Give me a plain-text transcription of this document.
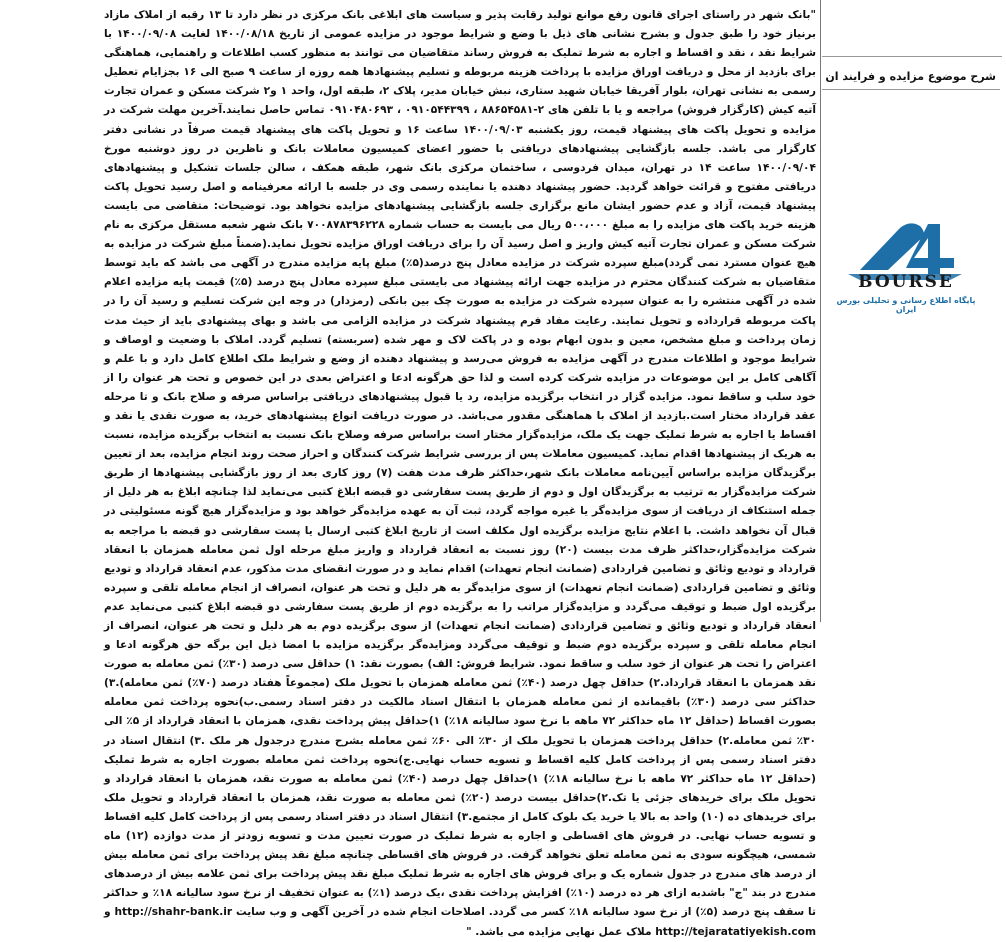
"بانک شهر در راستای اجرای قانون رفع موانع تولید رقابت پذیر و سیاست های ابلاغی بانک مرکزی در نظر دارد تا ۱۳ رقبه از املاک مازاد برنیاز خود را طبق جدول و بشرح نشانی های ذیل با وضع و شرایط موجود در مزایده عمومی از تاریخ ۱۴۰۰/۰۸/۱۸ لغایت ۱۴۰۰/۰۹/۰۸ با شرایط نقد ، نقد و اقساط و اجاره به شرط تملیک به فروش رساند متقاضیان می توانند به منظور کسب اطلاعات و راهنمایی، هماهنگی برای بازدید از محل و دریافت اوراق مزایده با پرداخت هزینه مربوطه و تسلیم پیشنهادها همه روزه از ساعت ۹ صبح الی ۱۶ بجزایام تعطیل رسمی به نشانی تهران، بلوار آفریقا خیابان شهید ستاری، نبش خیابان مدیر، پلاک ۲، طبقه اول، واحد ۱ و۲ شرکت مسکن و عمران تجارت آتیه کیش (کارگزار فروش) مراجعه و یا با تلفن های ۲-۸۸۶۵۴۵۸۱ ، ۰۹۱۰۵۴۴۳۹۹ ، ۰۹۱۰۴۸۰۶۹۳ تماس حاصل نمایند.آخرین مهلت شرکت در مزایده و تحویل پاکت های پیشنهاد قیمت، روز یکشنبه ۱۴۰۰/۰۹/۰۳ ساعت ۱۶ و تحویل پاکت های پیشنهاد قیمت صرفاً در نشانی دفتر کارگزار می باشد. جلسه بازگشایی پیشنهادهای دریافتی با حضور اعضای کمیسیون معاملات بانک و ناظرین در روز دوشنبه مورخ ۱۴۰۰/۰۹/۰۴ ساعت ۱۴ در تهران، میدان فردوسی ، ساختمان مرکزی بانک شهر، طبقه همکف ، سالن جلسات تشکیل و پیشنهادهای دریافتی مفتوح و قرائت خواهد گردید. حضور پیشنهاد دهنده یا نماینده رسمی وی در جلسه با ارائه معرفینامه و اصل رسید تحویل پاکت پیشنهاد قیمت، آزاد و عدم حضور ایشان مانع برگزاری جلسه بازگشایی پیشنهادهای مزایده نخواهد بود. توضیحات: متقاضی می بایست هزینه خرید پاکت های مزایده را به مبلغ ۵۰۰،۰۰۰ ریال می بایست به حساب شماره ۷۰۰۸۷۸۳۹۶۲۲۸ بانک شهر شعبه مستقل مرکزی به نام شرکت مسکن و عمران تجارت آتیه کیش واریز و اصل رسید آن را برای دریافت اوراق مزایده تحویل نماید.(ضمناً مبلغ شرکت در مزایده به هیچ عنوان مسترد نمی گردد)مبلغ سپرده شرکت در مزایده معادل پنج درصد(۵٪) مبلغ پایه مزایده مندرج در آگهی می باشد که باید توسط متقاضیان به شرکت کنندگان محترم در مزایده جهت ارائه پیشنهاد می بایستی مبلغ سپرده معادل پنج درصد (۵٪) قیمت پایه مزایده اعلام شده در آگهی منتشره را به عنوان سپرده شرکت در مزایده به صورت چک بین بانکی (رمزدار) در وجه این شرکت تسلیم و رسید آن را در پاکت مربوطه قرارداده و تحویل نمایند. رعایت مفاد فرم پیشنهاد شرکت در مزایده الزامی می باشد و بهای پیشنهادی باید از حیث مدت زمان پرداخت و مبلغ مشخص، معین و بدون ابهام بوده و در پاکت لاک و مهر شده (سربسته) تسلیم گردد. املاک با وضعیت و اوصاف و شرایط موجود و اطلاعات مندرج در آگهی مزایده به فروش می‌رسد و پیشنهاد دهنده از وضع و شرایط ملک اطلاع کامل دارد و با علم و آگاهی کامل بر این موضوعات در مزایده شرکت کرده است و لذا حق هرگونه ادعا و اعتراض بعدی در این خصوص و تحت هر عنوان را از خود سلب و ساقط نمود. مزایده گزار در انتخاب برگزیده مزایده، رد یا قبول پیشنهادهای دریافتی براساس صرفه و صلاح بانک و تا مرحله عقد قرارداد مختار است.بازدید از املاک با هماهنگی مقدور می‌باشد. در صورت دریافت انواع پیشنهادهای خرید، به صورت نقدی یا نقد و اقساط یا اجاره به شرط تملیک جهت یک ملک، مزایده‌گزار مختار است براساس صرفه وصلاح بانک نسبت به انتخاب برگزیده مزایده، نسبت به هریک از پیشنهادها اقدام نماید. کمیسیون معاملات پس از بررسی شرایط شرکت کنندگان و احراز صحت روند انجام مزایده، بعد از تعیین برگزیدگان مزایده براساس آیین‌نامه معاملات بانک شهر،حداکثر ظرف مدت هفت (۷) روز کاری بعد از روز بازگشایی پیشنهادها از طریق شرکت مزایده‌گزار به ترتیب به برگزیدگان اول و دوم از طریق پست سفارشی دو قبضه ابلاغ کتبی می‌نماید لذا چنانچه ابلاغ به هر دلیل از جمله استنکاف از دریافت از سوی مزایده‌گر یا غیره مواجه گردد، ثبت آن به عهده مزایده‌گر خواهد بود و مزایده‌گزار هیچ گونه مسئولیتی در قبال آن نخواهد داشت. با اعلام نتایج مزایده برگزیده اول مکلف است از تاریخ ابلاغ کتبی ارسال یا پست سفارشی دو قبضه با مراجعه به شرکت مزایده‌گزار،حداکثر ظرف مدت بیست (۲۰) روز نسبت به انعقاد قرارداد و واریز مبلغ مرحله اول ثمن معامله همزمان با انعقاد قرارداد و تودیع وثائق و تضامین قراردادی (ضمانت انجام تعهدات) اقدام نماید و در صورت انقضای مدت مذکور، عدم انعقاد قرارداد و تودیع وثائق و تضامین قراردادی (ضمانت انجام تعهدات) از سوی مزایده‌گر به هر دلیل و تحت هر عنوان، انصراف از انجام معامله تلقی و سپرده برگزیده اول ضبط و توقیف می‌گردد و مزایده‌گزار مراتب را به برگزیده دوم از طریق پست سفارشی دو قبضه ابلاغ کتبی می‌نماید عدم انعقاد قرارداد و تودیع وثائق و تضامین قراردادی (ضمانت انجام تعهدات) از سوی برگزیده دوم به هر دلیل و تحت هر عنوان، انصراف از انجام معامله تلقی و سپرده برگزیده دوم ضبط و توقیف می‌گردد ومزایده‌گر برگزیده مزایده با امضا ذیل این برگه حق هرگونه ادعا و اعتراض را تحت هر عنوان از خود سلب و ساقط نمود. شرایط فروش: الف) بصورت نقد: ۱) حداقل سی درصد (۳۰٪) ثمن معامله به صورت نقد همزمان با انعقاد قرارداد.۲) حداقل چهل درصد (۴۰٪) ثمن معامله همزمان با تحویل ملک (مجموعاً هفتاد درصد (۷۰٪) ثمن معامله).۳) حداکثر سی درصد (۳۰٪) باقیمانده از ثمن معامله همزمان با انتقال اسناد مالکیت در دفتر اسناد رسمی.ب)نحوه پرداخت ثمن معامله بصورت اقساط (حداقل ۱۲ ماه حداکثر ۷۲ ماهه با نرخ سود سالیانه ۱۸٪) ۱)حداقل پیش پرداخت نقدی، همزمان با انعقاد قرارداد از ۵٪ الی ۳۰٪ ثمن معامله.۲) حداقل پرداخت همزمان با تحویل ملک از ۳۰٪ الی ۶۰٪ ثمن معامله بشرح مندرج درجدول هر ملک .۳) انتقال اسناد در دفتر اسناد رسمی پس از پرداخت کامل کلیه اقساط و تسویه حساب نهایی.ج)نحوه پرداخت ثمن معامله بصورت اجاره به شرط تملیک (حداقل ۱۲ ماه حداکثر ۷۲ ماهه با نرخ سالیانه ۱۸٪) ۱)حداقل چهل درصد (۴۰٪) ثمن معامله به صورت نقد، همزمان با انعقاد قرارداد و تحویل ملک برای خریدهای جزئی یا تک.۲)حداقل بیست درصد (۲۰٪) ثمن معامله به صورت نقد، همزمان با انعقاد قرارداد و تحویل ملک برای خریدهای ده (۱۰) واحد به بالا یا خرید یک بلوک کامل از مجتمع.۳) انتقال اسناد در دفتر اسناد رسمی پس از پرداخت کامل کلیه اقساط و تسویه حساب نهایی. در فروش های اقساطی و اجاره به شرط تملیک در صورت تعیین مدت و تسویه زودتر از مدت دوازده (۱۲) ماه شمسی، هیچگونه سودی به ثمن معامله تعلق نخواهد گرفت. در فروش های اقساطی چنانچه مبلغ نقد پیش پرداخت برای ثمن معامله بیش از درصد های مندرج در جدول شماره یک و برای فروش های اجاره به شرط تملیک مبلغ نقد پیش پرداخت برای ثمن علامه بیش از درصدهای مندرج در بند "ج" باشدبه ازای هر ده درصد (۱۰٪) افزایش پرداخت نقدی ،یک درصد (۱٪) به عنوان تخفیف از نرخ سود سالیانه ۱۸٪ و حداکثر تا سقف پنج درصد (۵٪) از نرخ سود سالیانه ۱۸٪ کسر می گردد. اصلاحات انجام شده در آخرین آگهی و وب سایت http://shahr-bank.ir و http://tejaratatiyekish.com ملاک عمل نهایی مزایده می باشد. "

شرح موضوع مزایده و فرایند ان
BOURSE
پایگاه اطلاع رسانی و تحلیلی بورس ایران
